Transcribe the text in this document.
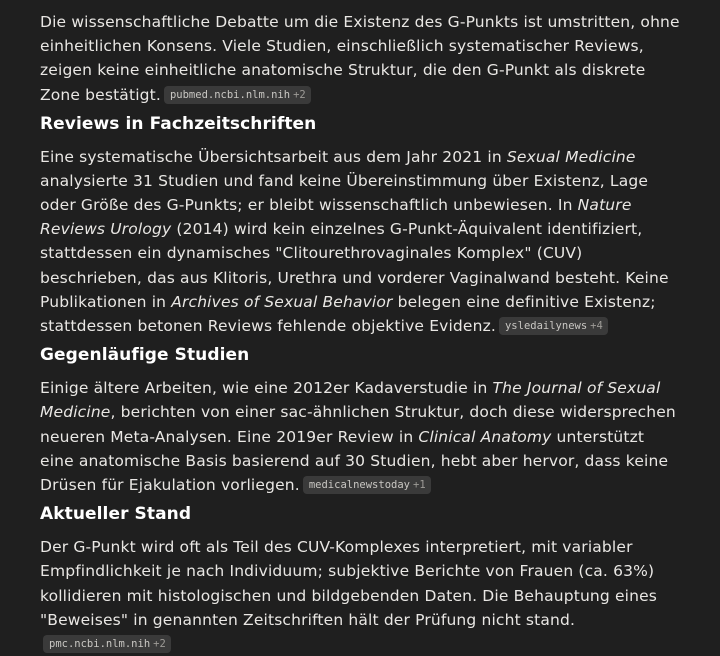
Die wissenschaftliche Debatte um die Existenz des G-Punkts ist umstritten, ohne einheitlichen Konsens. Viele Studien, einschließlich systematischer Reviews, zeigen keine einheitliche anatomische Struktur, die den G-Punkt als diskrete Zone bestätigt. pubmed.ncbi.nlm.nih +2

Reviews in Fachzeitschriften

Eine systematische Übersichtsarbeit aus dem Jahr 2021 in Sexual Medicine analysierte 31 Studien und fand keine Übereinstimmung über Existenz, Lage oder Größe des G-Punkts; er bleibt wissenschaftlich unbewiesen. In Nature Reviews Urology (2014) wird kein einzelnes G-Punkt-Äquivalent identifiziert, stattdessen ein dynamisches "Clitourethrovaginales Komplex" (CUV) beschrieben, das aus Klitoris, Urethra und vorderer Vaginalwand besteht. Keine Publikationen in Archives of Sexual Behavior belegen eine definitive Existenz; stattdessen betonen Reviews fehlende objektive Evidenz. ysledailynews +4

Gegenläufige Studien

Einige ältere Arbeiten, wie eine 2012er Kadaverstudie in The Journal of Sexual Medicine, berichten von einer sac-ähnlichen Struktur, doch diese widersprechen neueren Meta-Analysen. Eine 2019er Review in Clinical Anatomy unterstützt eine anatomische Basis basierend auf 30 Studien, hebt aber hervor, dass keine Drüsen für Ejakulation vorliegen. medicalnewstoday +1

Aktueller Stand

Der G-Punkt wird oft als Teil des CUV-Komplexes interpretiert, mit variabler Empfindlichkeit je nach Individuum; subjektive Berichte von Frauen (ca. 63%) kollidieren mit histologischen und bildgebenden Daten. Die Behauptung eines "Beweises" in genannten Zeitschriften hält der Prüfung nicht stand.pmc.ncbi.nlm.nih +2
